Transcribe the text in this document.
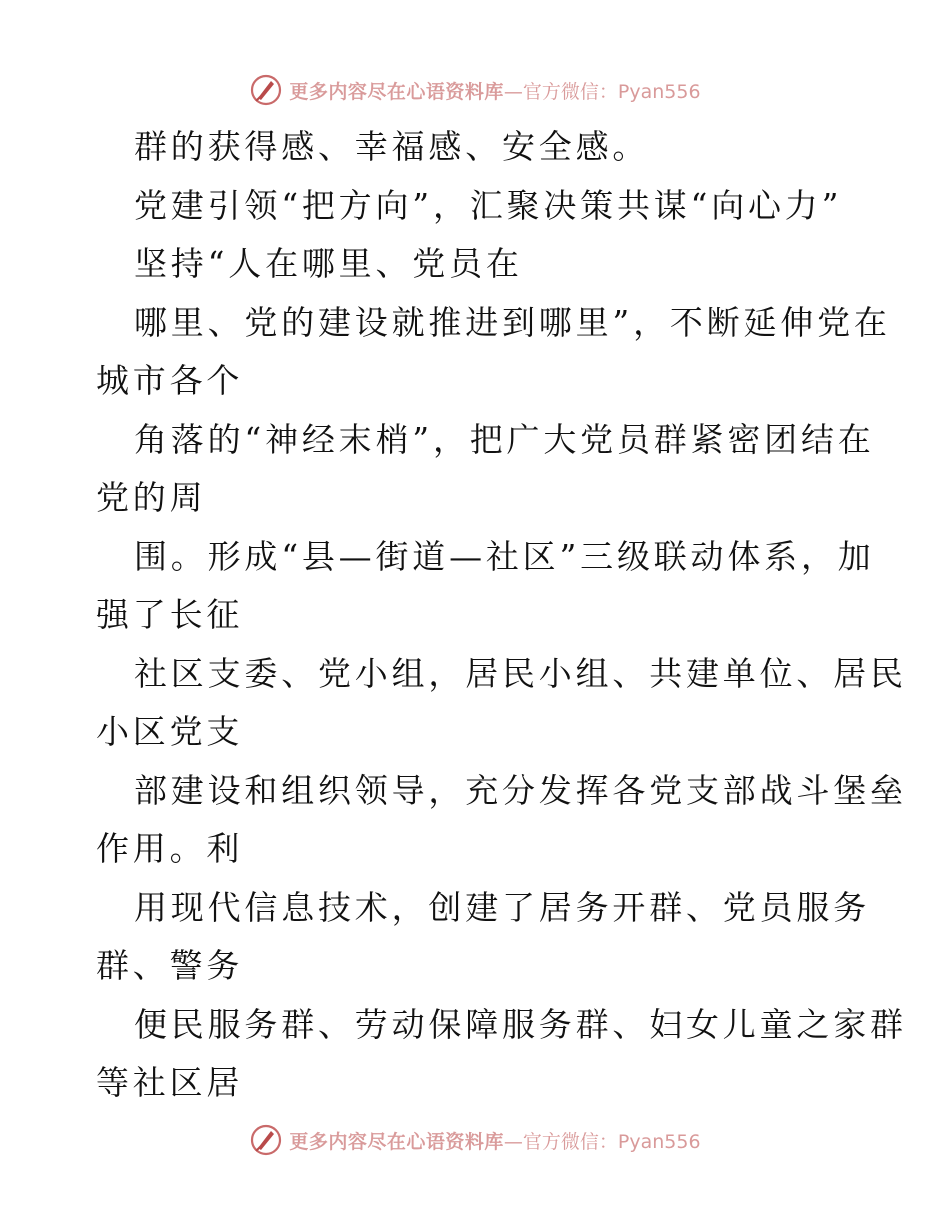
更多内容尽在心语资料库 —官方微信：Pyan556
群的获得感、幸福感、安全感。
党建引领“把方向”，汇聚决策共谋“向心力”
坚持“人在哪里、党员在
哪里、党的建设就推进到哪里”，不断延伸党在
城市各个
角落的“神经末梢”，把广大党员群紧密团结在
党的周
围。形成“县—街道—社区”三级联动体系，加
强了长征
社区支委、党小组，居民小组、共建单位、居民
小区党支
部建设和组织领导，充分发挥各党支部战斗堡垒
作用。利
用现代信息技术，创建了居务开群、党员服务
群、警务
便民服务群、劳动保障服务群、妇女儿童之家群
等社区居
更多内容尽在心语资料库 —官方微信：Pyan556
